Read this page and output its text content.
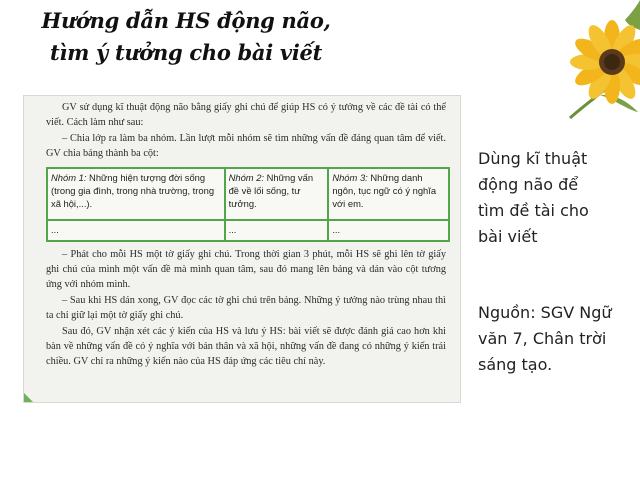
Hướng dẫn HS động não,
tìm ý tưởng cho bài viết

GV sử dụng kĩ thuật động não bằng giấy ghi chú để giúp HS có ý tưởng về các đề tài có thể viết. Cách làm như sau:

– Chia lớp ra làm ba nhóm. Lần lượt mỗi nhóm sẽ tìm những vấn đề đáng quan tâm để viết. GV chia bảng thành ba cột:

Nhóm 1: Những hiện tượng đời sống (trong gia đình, trong nhà trường, trong xã hội,...).	Nhóm 2: Những vấn đề về lối sống, tư tưởng.	Nhóm 3: Những danh ngôn, tục ngữ có ý nghĩa với em.
...	...	...

– Phát cho mỗi HS một tờ giấy ghi chú. Trong thời gian 3 phút, mỗi HS sẽ ghi lên tờ giấy ghi chú của mình một vấn đề mà mình quan tâm, sau đó mang lên bảng và dán vào cột tương ứng với nhóm mình.

– Sau khi HS dán xong, GV đọc các tờ ghi chú trên bảng. Những ý tưởng nào trùng nhau thì ta chỉ giữ lại một tờ giấy ghi chú.

Sau đó, GV nhận xét các ý kiến của HS và lưu ý HS: bài viết sẽ được đánh giá cao hơn khi bàn về những vấn đề có ý nghĩa với bản thân và xã hội, những vấn đề đang có những ý kiến trái chiều. GV chỉ ra những ý kiến nào của HS đáp ứng các tiêu chí này.

Dùng kĩ thuật động não để tìm đề tài cho bài viết
Nguồn: SGV Ngữ văn 7, Chân trời sáng tạo.
